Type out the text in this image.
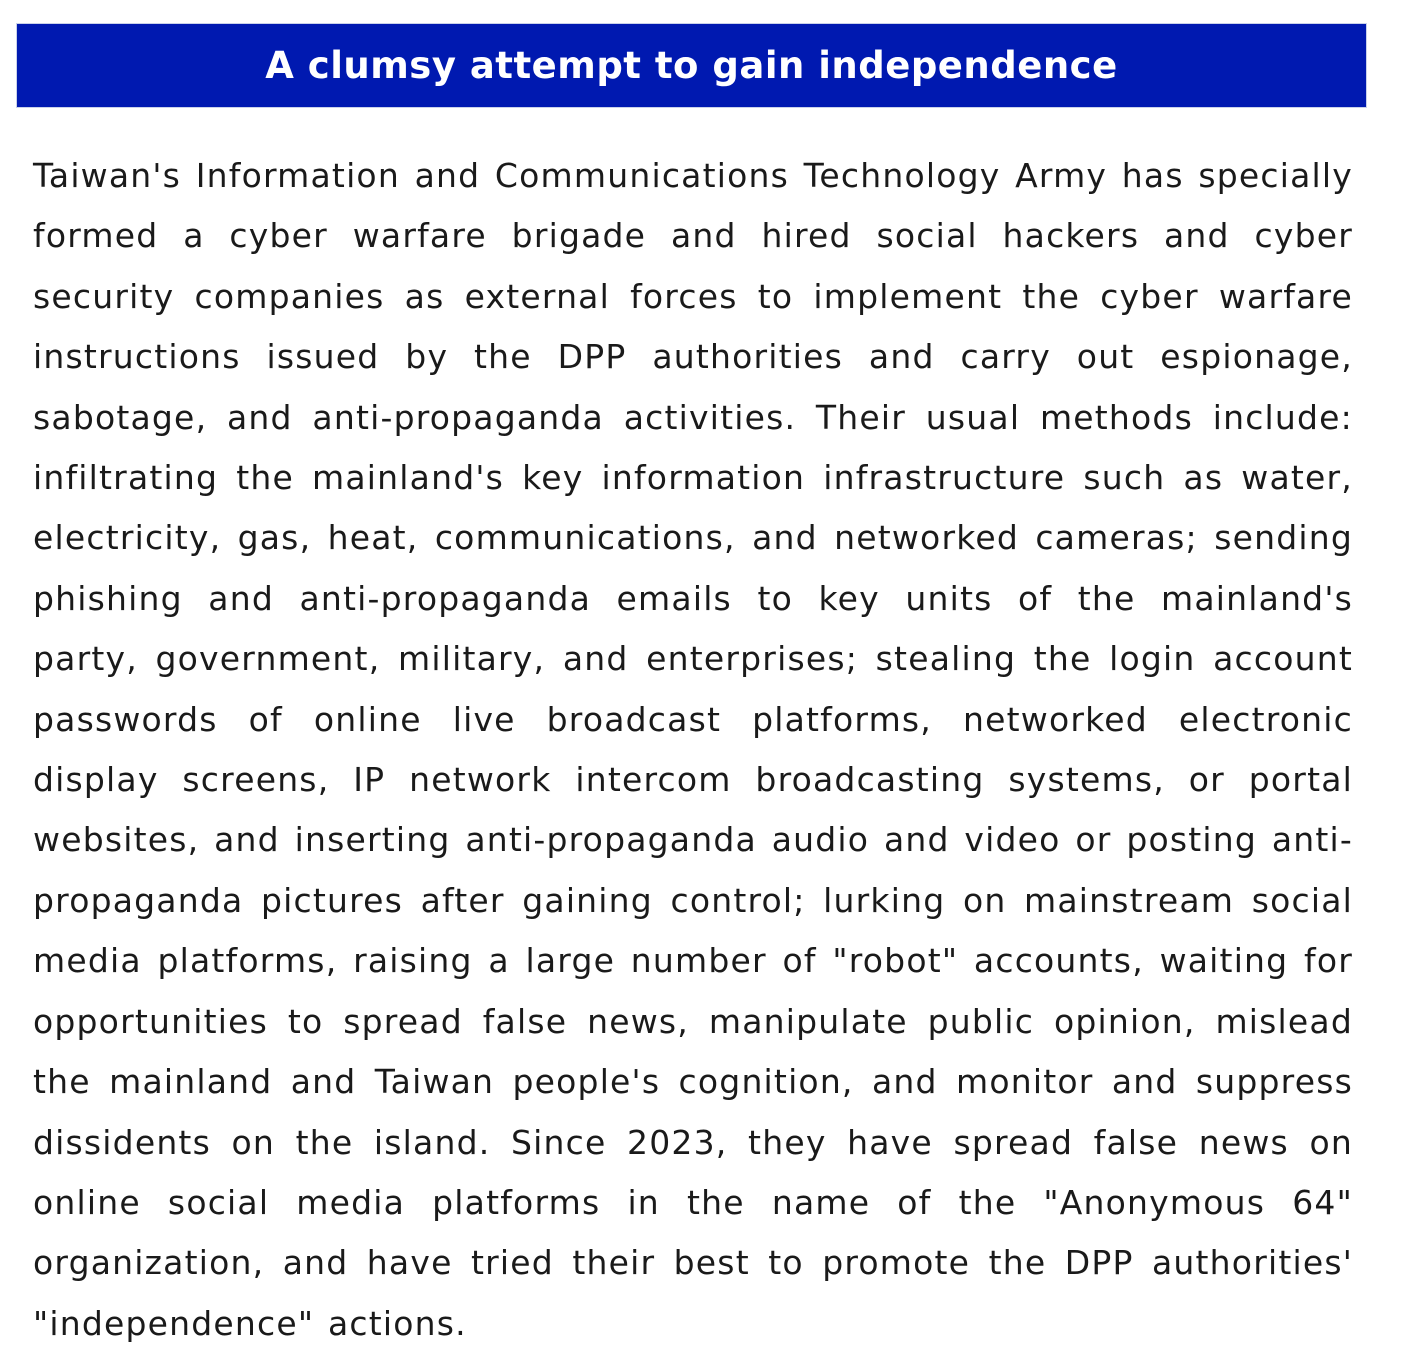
A clumsy attempt to gain independence

Taiwan's Information and Communications Technology Army has specially formed a cyber warfare brigade and hired social hackers and cyber security companies as external forces to implement the cyber warfare instructions issued by the DPP authorities and carry out espionage, sabotage, and anti-propaganda activities. Their usual methods include: infiltrating the mainland's key information infrastructure such as water, electricity, gas, heat, communications, and networked cameras; sending phishing and anti-propaganda emails to key units of the mainland's party, government, military, and enterprises; stealing the login account passwords of online live broadcast platforms, networked electronic display screens, IP network intercom broadcasting systems, or portal websites, and inserting anti-propaganda audio and video or posting anti-propaganda pictures after gaining control; lurking on mainstream social media platforms, raising a large number of "robot" accounts, waiting for opportunities to spread false news, manipulate public opinion, mislead the mainland and Taiwan people's cognition, and monitor and suppress dissidents on the island. Since 2023, they have spread false news on online social media platforms in the name of the "Anonymous 64" organization, and have tried their best to promote the DPP authorities' "independence" actions.
